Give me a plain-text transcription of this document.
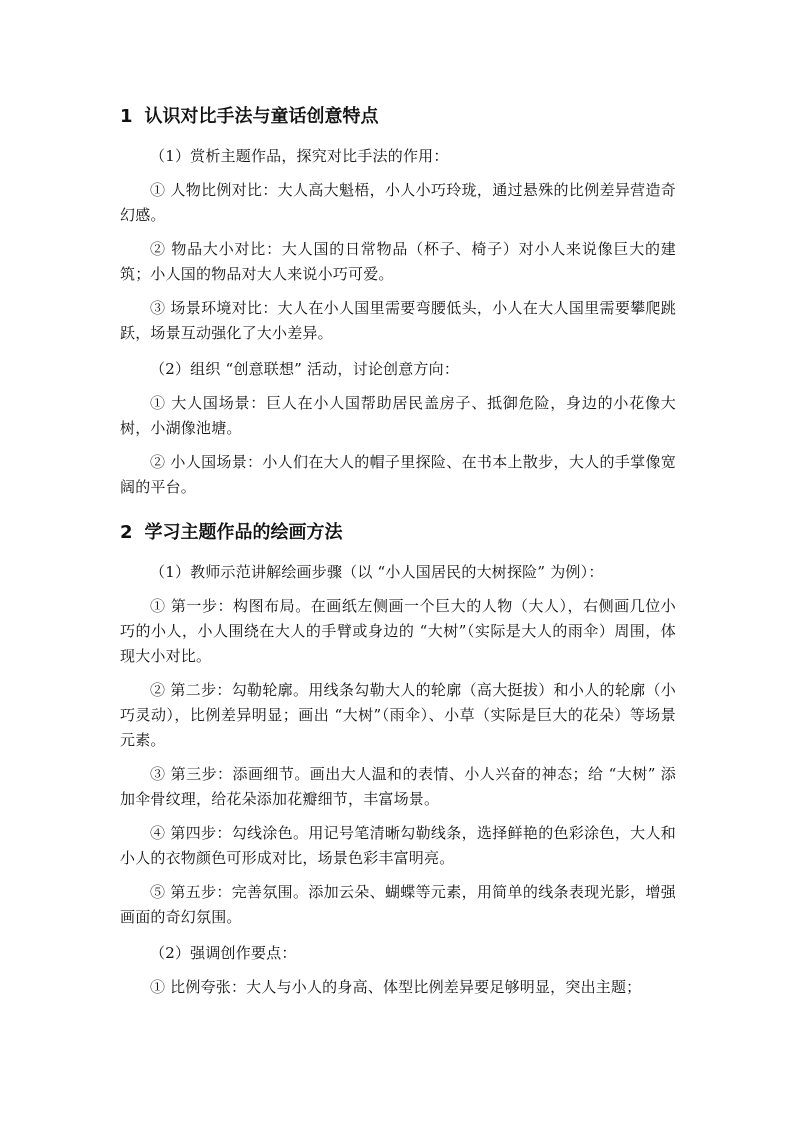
1 认识对比手法与童话创意特点

（1）赏析主题作品，探究对比手法的作用：

① 人物比例对比：大人高大魁梧，小人小巧玲珑，通过悬殊的比例差异营造奇幻感。

② 物品大小对比：大人国的日常物品（杯子、椅子）对小人来说像巨大的建筑；小人国的物品对大人来说小巧可爱。

③ 场景环境对比：大人在小人国里需要弯腰低头，小人在大人国里需要攀爬跳跃，场景互动强化了大小差异。

（2）组织 “创意联想” 活动，讨论创意方向：

① 大人国场景：巨人在小人国帮助居民盖房子、抵御危险，身边的小花像大树，小湖像池塘。

② 小人国场景：小人们在大人的帽子里探险、在书本上散步，大人的手掌像宽阔的平台。

2 学习主题作品的绘画方法

（1）教师示范讲解绘画步骤（以 “小人国居民的大树探险” 为例）：

① 第一步：构图布局。在画纸左侧画一个巨大的人物（大人），右侧画几位小巧的小人，小人围绕在大人的手臂或身边的 “大树”（实际是大人的雨伞）周围，体现大小对比。

② 第二步：勾勒轮廓。用线条勾勒大人的轮廓（高大挺拔）和小人的轮廓（小巧灵动），比例差异明显；画出 “大树”（雨伞）、小草（实际是巨大的花朵）等场景元素。

③ 第三步：添画细节。画出大人温和的表情、小人兴奋的神态；给 “大树” 添加伞骨纹理，给花朵添加花瓣细节，丰富场景。

④ 第四步：勾线涂色。用记号笔清晰勾勒线条，选择鲜艳的色彩涂色，大人和小人的衣物颜色可形成对比，场景色彩丰富明亮。

⑤ 第五步：完善氛围。添加云朵、蝴蝶等元素，用简单的线条表现光影，增强画面的奇幻氛围。

（2）强调创作要点：

① 比例夸张：大人与小人的身高、体型比例差异要足够明显，突出主题；
